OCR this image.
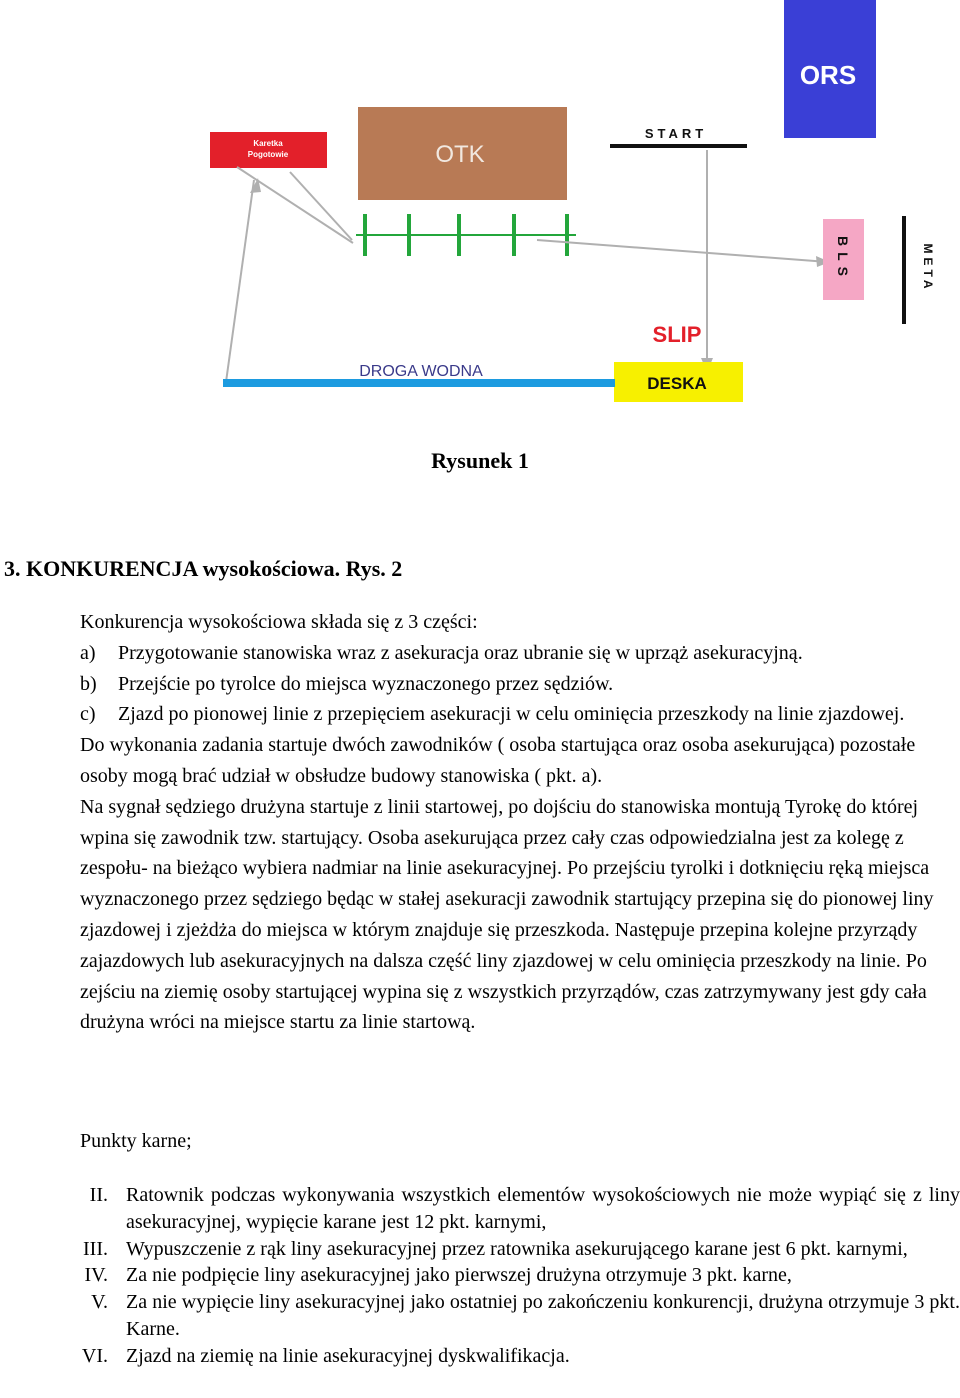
ORS
Karetka
Pogotowie	OTK
START
BLS	META
SLIP
DESKA
DROGA WODNA
Rysunek 1
3. KONKURENCJA wysokościowa. Rys. 2

Konkurencja wysokościowa składa się z 3 części:

a)	Przygotowanie stanowiska wraz z asekuracja oraz ubranie się w uprząż asekuracyjną.
b)	Przejście po tyrolce do miejsca wyznaczonego przez sędziów.
c)	Zjazd po pionowej linie z przepięciem asekuracji w celu ominięcia przeszkody na linie zjazdowej.

Do wykonania zadania startuje dwóch zawodników ( osoba startująca oraz osoba asekurująca) pozostałe osoby mogą brać udział w obsłudze budowy stanowiska ( pkt. a).

Na sygnał sędziego drużyna startuje z linii startowej, po dojściu do stanowiska montują Tyrokę do której wpina się zawodnik tzw. startujący. Osoba asekurująca przez cały czas odpowiedzialna jest za kolegę z zespołu- na bieżąco wybiera nadmiar na linie asekuracyjnej. Po przejściu tyrolki i dotknięciu ręką miejsca wyznaczonego przez sędziego będąc w stałej asekuracji zawodnik startujący przepina się do pionowej liny zjazdowej i zjeżdża do miejsca w którym znajduje się przeszkoda. Następuje przepina kolejne przyrządy zajazdowych lub asekuracyjnych na dalsza część liny zjazdowej w celu ominięcia przeszkody na linie. Po zejściu na ziemię osoby startującej wypina się z wszystkich przyrządów, czas zatrzymywany jest gdy cała drużyna wróci na miejsce startu za linie startową.

Punkty karne;
II. Ratownik podczas wykonywania wszystkich elementów wysokościowych nie może wypiąć się z liny asekuracyjnej, wypięcie karane jest 12 pkt. karnymi,
III. Wypuszczenie z rąk liny asekuracyjnej przez ratownika asekurującego karane jest 6 pkt. karnymi,
IV. Za nie podpięcie liny asekuracyjnej jako pierwszej drużyna otrzymuje 3 pkt. karne,
V. Za nie wypięcie liny asekuracyjnej jako ostatniej po zakończeniu konkurencji, drużyna otrzymuje 3 pkt. Karne.
VI. Zjazd na ziemię na linie asekuracyjnej dyskwalifikacja.
